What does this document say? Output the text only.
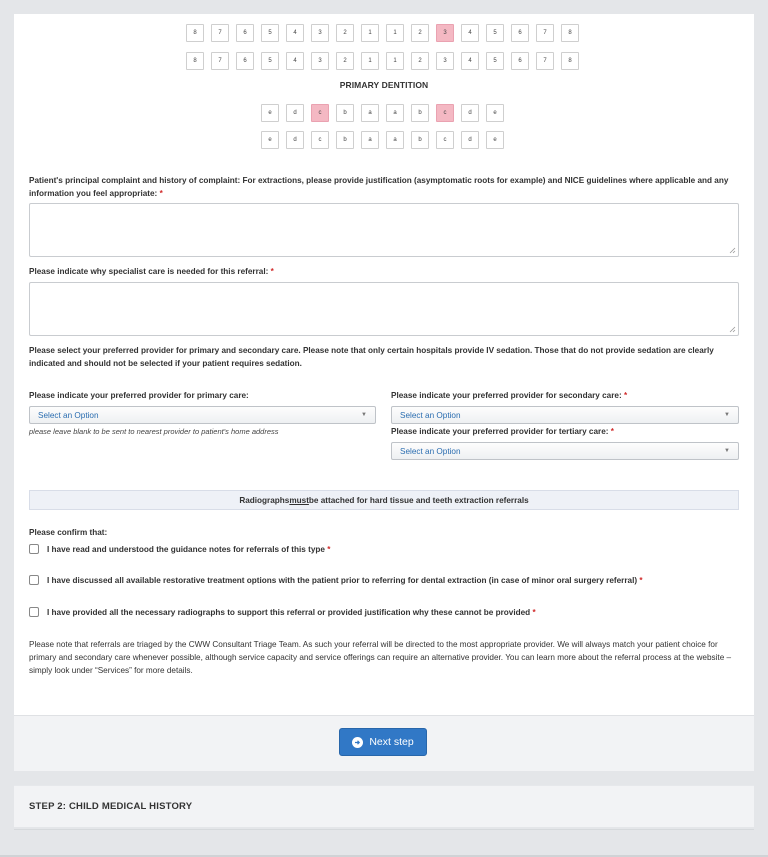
8	7	6	5	4	3	2	1	1	2	3	4	5	6	7	8
8	7	6	5	4	3	2	1	1	2	3	4	5	6	7	8
PRIMARY DENTITION
e	d	c	b	a	a	b	c	d	e
e	d	c	b	a	a	b	c	d	e
Patient's principal complaint and history of complaint: For extractions, please provide justification (asymptomatic roots for example) and NICE guidelines where applicable and any information you feel appropriate: *
Please indicate why specialist care is needed for this referral: *
Please select your preferred provider for primary and secondary care. Please note that only certain hospitals provide IV sedation. Those that do not provide sedation are clearly indicated and should not be selected if your patient requires sedation.
Please indicate your preferred provider for primary care:
Select an Option	▼
please leave blank to be sent to nearest provider to patient's home address
Please indicate your preferred provider for secondary care: *
Select an Option	▼
Please indicate your preferred provider for tertiary care: *
Select an Option	▼
Radiographs must be attached for hard tissue and teeth extraction referrals
Please confirm that:
I have read and understood the guidance notes for referrals of this type *
I have discussed all available restorative treatment options with the patient prior to referring for dental extraction (in case of minor oral surgery referral) *
I have provided all the necessary radiographs to support this referral or provided justification why these cannot be provided *
Please note that referrals are triaged by the CWW Consultant Triage Team. As such your referral will be directed to the most appropriate provider. We will always match your patient choice for primary and secondary care whenever possible, although service capacity and service offerings can require an alternative provider. You can learn more about the referral process at the website – simply look under “Services” for more details.
Next step
STEP 2: CHILD MEDICAL HISTORY
